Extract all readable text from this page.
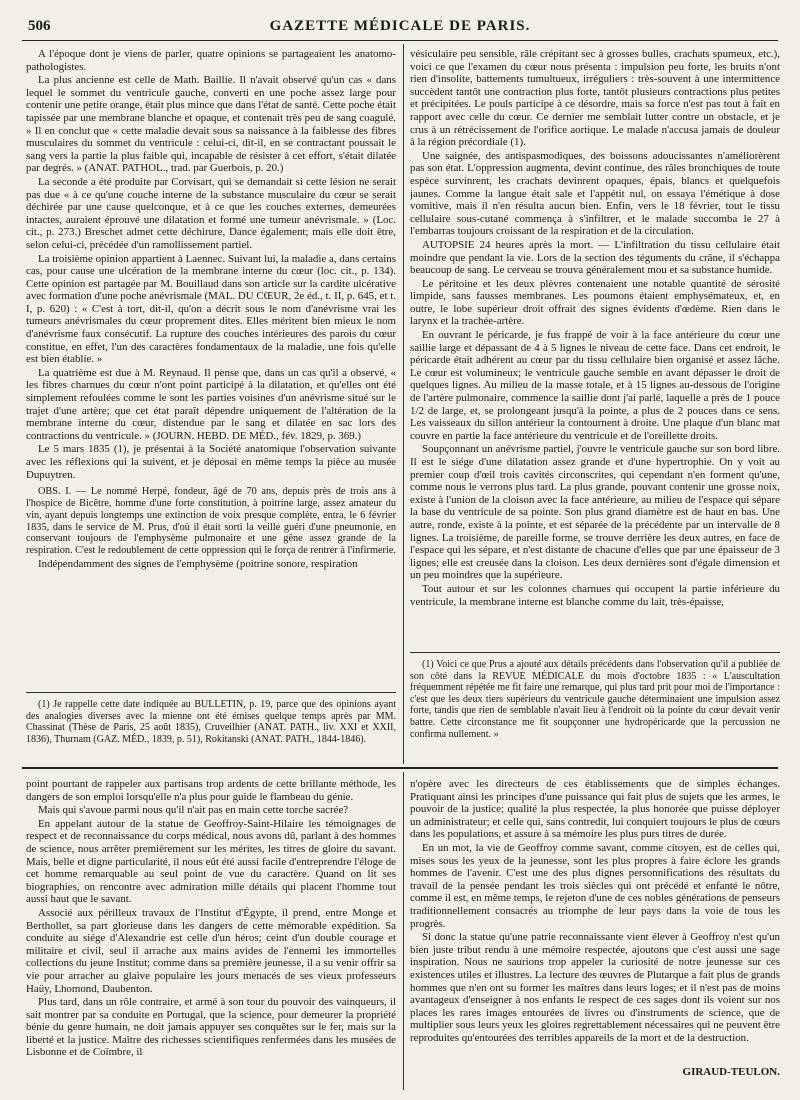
506	GAZETTE MÉDICALE DE PARIS.

A l'époque dont je viens de parler, quatre opinions se partageaient les anatomo-pathologistes.

La plus ancienne est celle de Math. Baillie. Il n'avait observé qu'un cas « dans lequel le sommet du ventricule gauche, converti en une poche assez large pour contenir une petite orange, était plus mince que dans l'état de santé. Cette poche était tapissée par une membrane blanche et opaque, et contenait très peu de sang coagulé. » Il en conclut que « cette maladie devait sous sa naissance à la faiblesse des fibres musculaires du sommet du ventricule : celui-ci, dit-il, en se contractant poussait le sang vers la partie la plus faible qui, incapable de résister à cet effort, s'était dilatée par degrés. » (ANAT. PATHOL., trad. par Guerbois, p. 20.)

La seconde a été produite par Corvisart, qui se demandait si cette lésion ne serait pas due « à ce qu'une couche interne de la substance musculaire du cœur se serait déchirée par une cause quelconque, et à ce que les couches externes, demeurées intactes, auraient éprouvé une dilatation et formé une tumeur anévrismale. » (Loc. cit., p. 273.) Breschet admet cette déchirure, Dance également; mais elle doit être, selon celui-ci, précédée d'un ramollissement partiel.

La troisième opinion appartient à Laennec. Suivant lui, la maladie a, dans certains cas, pour cause une ulcération de la membrane interne du cœur (loc. cit., p. 134). Cette opinion est partagée par M. Bouillaud dans son article sur la cardite ulcérative avec formation d'une poche anévrismale (MAL. DU CŒUR, 2e éd., t. II, p. 645, et t. I, p. 620) : « C'est à tort, dit-il, qu'on a décrit sous le nom d'anévrisme vrai les tumeurs anévrismales du cœur proprement dites. Elles méritent bien mieux le nom d'anévrisme faux consécutif. La rupture des couches intérieures des parois du cœur constitue, en effet, l'un des caractères fondamentaux de la maladie, une fois qu'elle est bien établie. »

La quatrième est due à M. Reynaud. Il pense que, dans un cas qu'il a observé, « les fibres charnues du cœur n'ont point participé à la dilatation, et qu'elles ont été simplement refoulées comme le sont les parties voisines d'un anévrisme situé sur le trajet d'une artère; que cet état paraît dépendre uniquement de l'altération de la membrane interne du cœur, distendue par le sang et dilatée en sac lors des contractions du ventricule. » (JOURN. HEBD. DE MÉD., fév. 1829, p. 369.)

Le 5 mars 1835 (1), je présentai à la Société anatomique l'observation suivante avec les réflexions qui la suivent, et je déposai en même temps la pièce au musée Dupuytren.

OBS. I. — Le nommé Herpé, fondeur, âgé de 70 ans, depuis près de trois ans à l'hospice de Bicêtre, homme d'une forte constitution, à poitrine large, assez amateur du vin, ayant depuis longtemps une extinction de voix presque complète, entra, le 6 février 1835, dans le service de M. Prus, d'où il était sorti la veille guéri d'une pneumonie, en conservant toujours de l'emphysème pulmonaire et une gêne assez grande de la respiration. C'est le redoublement de cette oppression qui le força de rentrer à l'infirmerie.

Indépendamment des signes de l'emphysème (poitrine sonore, respiration

(1) Je rappelle cette date indiquée au BULLETIN, p. 19, parce que des opinions ayant des analogies diverses avec la mienne ont été émises quelque temps après par MM. Chassinat (Thèse de Paris, 25 août 1835), Cruveilhier (ANAT. PATH., liv. XXI et XXII, 1836), Thurnam (GAZ. MÉD., 1839, p. 51), Rokitanski (ANAT. PATH., 1844-1846).

vésiculaire peu sensible, râle crépitant sec à grosses bulles, crachats spumeux, etc.), voici ce que l'examen du cœur nous présenta : impulsion peu forte, les bruits n'ont rien d'insolite, battements tumultueux, irréguliers : très-souvent à une intermittence succèdent tantôt une contraction plus forte, tantôt plusieurs contractions plus petites et précipitées. Le pouls participe à ce désordre, mais sa force n'est pas tout à fait en rapport avec celle du cœur. Ce dernier me semblait lutter contre un obstacle, et je crus à un rétrécissement de l'orifice aortique. Le malade n'accusa jamais de douleur à la région précordiale (1).

Une saignée, des antispasmodiques, des boissons adoucissantes n'améliorèrent pas son état. L'oppression augmenta, devint continue, des râles bronchiques de toute espèce survinrent, les crachats devinrent opaques, épais, blancs et quelquefois jaunes. Comme la langue était sale et l'appétit nul, on essaya l'émétique à dose vomitive, mais il n'en résulta aucun bien. Enfin, vers le 18 février, tout le tissu cellulaire sous-cutané commença à s'infiltrer, et le malade succomba le 27 à l'embarras toujours croissant de la respiration et de la circulation.

AUTOPSIE 24 heures après la mort. — L'infiltration du tissu cellulaire était moindre que pendant la vie. Lors de la section des téguments du crâne, il s'échappa beaucoup de sang. Le cerveau se trouva généralement mou et sa substance humide.

Le péritoine et les deux plèvres contenaient une notable quantité de sérosité limpide, sans fausses membranes. Les poumons étaient emphysémateux, et, en outre, le lobe supérieur droit offrait des signes évidents d'œdème. Rien dans le larynx et la trachée-artère.

En ouvrant le péricarde, je fus frappé de voir à la face antérieure du cœur une saillie large et dépassant de 4 à 5 lignes le niveau de cette face. Dans cet endroit, le péricarde était adhérent au cœur par du tissu cellulaire bien organisé et assez lâche. Le cœur est volumineux; le ventricule gauche semble en avant dépasser le droit de quelques lignes. Au milieu de la masse totale, et à 15 lignes au-dessous de l'origine de l'artère pulmonaire, commence la saillie dont j'ai parlé, laquelle a près de 1 pouce 1/2 de large, et, se prolongeant jusqu'à la pointe, a plus de 2 pouces dans ce sens. Les vaisseaux du sillon antérieur la contournent à droite. Une plaque d'un blanc mat couvre en partie la face antérieure du ventricule et de l'oreillette droits.

Soupçonnant un anévrisme partiel, j'ouvre le ventricule gauche sur son bord libre. Il est le siége d'une dilatation assez grande et d'une hypertrophie. On y voit au premier coup d'œil trois cavités circonscrites, qui cependant n'en forment qu'une, comme nous le verrons plus tard. La plus grande, pouvant contenir une grosse noix, existe à l'union de la cloison avec la face antérieure, au milieu de l'espace qui sépare la base du ventricule de sa pointe. Son plus grand diamètre est de haut en bas. Une autre, ronde, existe à la pointe, et est séparée de la précédente par un intervalle de 8 lignes. La troisième, de pareille forme, se trouve derrière les deux autres, en face de l'espace qui les sépare, et n'est distante de chacune d'elles que par une épaisseur de 3 lignes; elle est creusée dans la cloison. Les deux dernières sont d'égale dimension et un peu moindres que la supérieure.

Tout autour et sur les colonnes charnues qui occupent la partie inférieure du ventricule, la membrane interne est blanche comme du lait, très-épaisse,

(1) Voici ce que Prus a ajouté aux détails précédents dans l'observation qu'il a publiée de son côté dans la REVUE MÉDICALE du mois d'octobre 1835 : « L'auscultation fréquemment répétée me fit faire une remarque, qui plus tard prit pour moi de l'importance : c'est que les deux tiers supérieurs du ventricule gauche déterminaient une impulsion assez forte, tandis que rien de semblable n'avait lieu à l'endroit où la pointe du cœur devait venir battre. Cette circonstance me fit soupçonner une hydropéricarde que la percussion ne confirma nullement. »

point pourtant de rappeler aux partisans trop ardents de cette brillante méthode, les dangers de son emploi lorsqu'elle n'a plus pour guide le flambeau du génie.

Mais qui s'avoue parmi nous qu'il n'ait pas en main cette torche sacrée?

En appelant autour de la statue de Geoffroy-Saint-Hilaire les témoignages de respect et de reconnaissance du corps médical, nous avons dû, parlant à des hommes de science, nous arrêter premièrement sur les mérites, les titres de gloire du savant. Mais, belle et digne particularité, il nous eût été aussi facile d'entreprendre l'éloge de cet homme remarquable au seul point de vue du caractère. Quand on lit ses biographies, on rencontre avec admiration mille détails qui placent l'homme tout aussi haut que le savant.

Associé aux périlleux travaux de l'Institut d'Égypte, il prend, entre Monge et Berthollet, sa part glorieuse dans les dangers de cette mémorable expédition. Sa conduite au siége d'Alexandrie est celle d'un héros; ceint d'un double courage et militaire et civil, seul il arrache aux mains avides de l'ennemi les immortelles collections du jeune Institut; comme dans sa première jeunesse, il a su venir offrir sa vie pour arracher au glaive populaire les jours menacés de ses vieux professeurs Haüy, Lhomond, Daubenton.

Plus tard, dans un rôle contraire, et armé à son tour du pouvoir des vainqueurs, il sait montrer par sa conduite en Portugal, que la science, pour demeurer la propriété bénie du genre humain, ne doit jamais appuyer ses conquêtes sur le fer, mais sur la liberté et la justice. Maître des richesses scientifiques renfermées dans les musées de Lisbonne et de Coïmbre, il

n'opère avec les directeurs de ces établissements que de simples échanges. Pratiquant ainsi les principes d'une puissance qui fait plus de sujets que les armes, le pouvoir de la justice; qualité la plus respectée, la plus honorée que puisse déployer un administrateur; et celle qui, sans contredit, lui conquiert toujours le plus de cœurs dans les populations, et assure à sa mémoire les plus purs titres de durée.

En un mot, la vie de Geoffroy comme savant, comme citoyen, est de celles qui, mises sous les yeux de la jeunesse, sont les plus propres à faire éclore les grands hommes de l'avenir. C'est une des plus dignes personnifications des résultats du travail de la pensée pendant les trois siècles qui ont précédé et enfanté le nôtre, comme il est, en même temps, le rejeton d'une de ces nobles générations de penseurs traditionnellement consacrés au triomphe de leur pays dans la voie de tous les progrès.

Si donc la statue qu'une patrie reconnaissante vient élever à Geoffroy n'est qu'un bien juste tribut rendu à une mémoire respectée, ajoutons que c'est aussi une sage inspiration. Nous ne saurions trop appeler la curiosité de notre jeunesse sur ces existences utiles et illustres. La lecture des œuvres de Plutarque a fait plus de grands hommes que n'en ont su former les maîtres dans leurs loges; et il n'est pas de moins avantageux d'enseigner à nos enfants le respect de ces sages dont ils voient sur nos places les rares images entourées de livres ou d'instruments de science, que de multiplier sous leurs yeux les gloires regrettablement nécessaires qui ne peuvent être reproduites qu'entourées des terribles appareils de la mort et de la destruction.

GIRAUD-TEULON.
